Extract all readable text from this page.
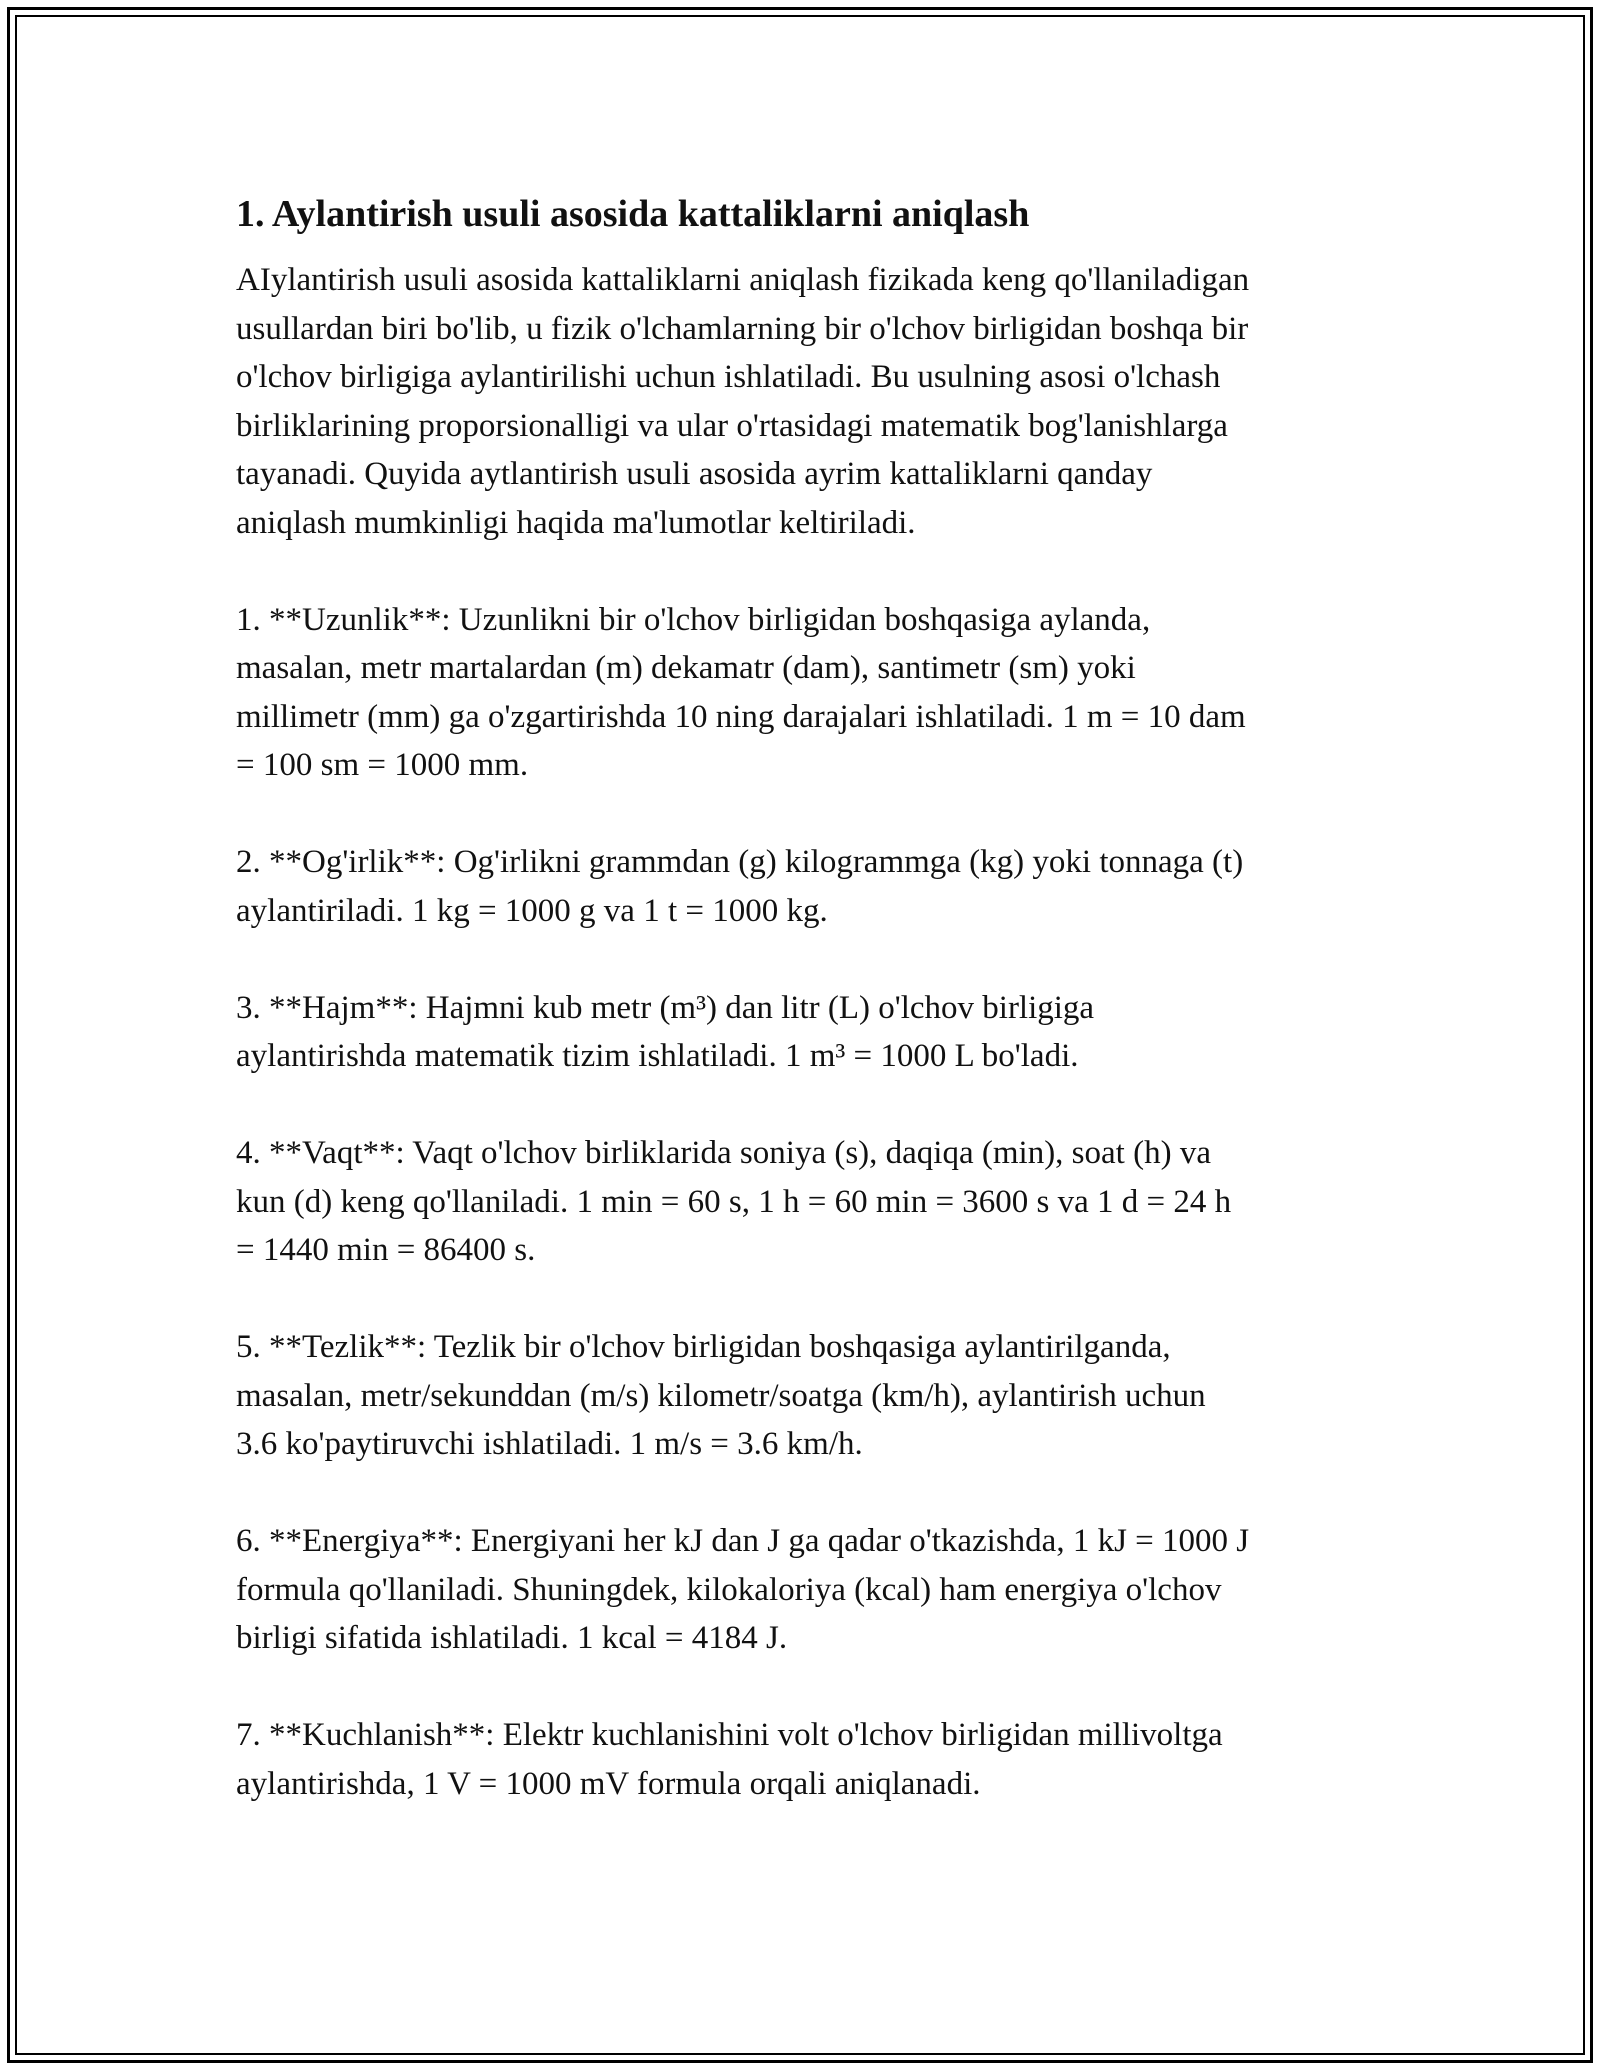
1. Aylantirish usuli asosida kattaliklarni aniqlash

AIylantirish usuli asosida kattaliklarni aniqlash fizikada keng qo'llaniladigan
usullardan biri bo'lib, u fizik o'lchamlarning bir o'lchov birligidan boshqa bir
o'lchov birligiga aylantirilishi uchun ishlatiladi. Bu usulning asosi o'lchash
birliklarining proporsionalligi va ular o'rtasidagi matematik bog'lanishlarga
tayanadi. Quyida aytlantirish usuli asosida ayrim kattaliklarni qanday
aniqlash mumkinligi haqida ma'lumotlar keltiriladi.

1. **Uzunlik**: Uzunlikni bir o'lchov birligidan boshqasiga aylanda,
masalan, metr martalardan (m) dekamatr (dam), santimetr (sm) yoki
millimetr (mm) ga o'zgartirishda 10 ning darajalari ishlatiladi. 1 m = 10 dam
= 100 sm = 1000 mm.

2. **Og'irlik**: Og'irlikni grammdan (g) kilogrammga (kg) yoki tonnaga (t)
aylantiriladi. 1 kg = 1000 g va 1 t = 1000 kg.

3. **Hajm**: Hajmni kub metr (m³) dan litr (L) o'lchov birligiga
aylantirishda matematik tizim ishlatiladi. 1 m³ = 1000 L bo'ladi.

4. **Vaqt**: Vaqt o'lchov birliklarida soniya (s), daqiqa (min), soat (h) va
kun (d) keng qo'llaniladi. 1 min = 60 s, 1 h = 60 min = 3600 s va 1 d = 24 h
= 1440 min = 86400 s.

5. **Tezlik**: Tezlik bir o'lchov birligidan boshqasiga aylantirilganda,
masalan, metr/sekunddan (m/s) kilometr/soatga (km/h), aylantirish uchun
3.6 ko'paytiruvchi ishlatiladi. 1 m/s = 3.6 km/h.

6. **Energiya**: Energiyani her kJ dan J ga qadar o'tkazishda, 1 kJ = 1000 J
formula qo'llaniladi. Shuningdek, kilokaloriya (kcal) ham energiya o'lchov
birligi sifatida ishlatiladi. 1 kcal = 4184 J.

7. **Kuchlanish**: Elektr kuchlanishini volt o'lchov birligidan millivoltga
aylantirishda, 1 V = 1000 mV formula orqali aniqlanadi.
